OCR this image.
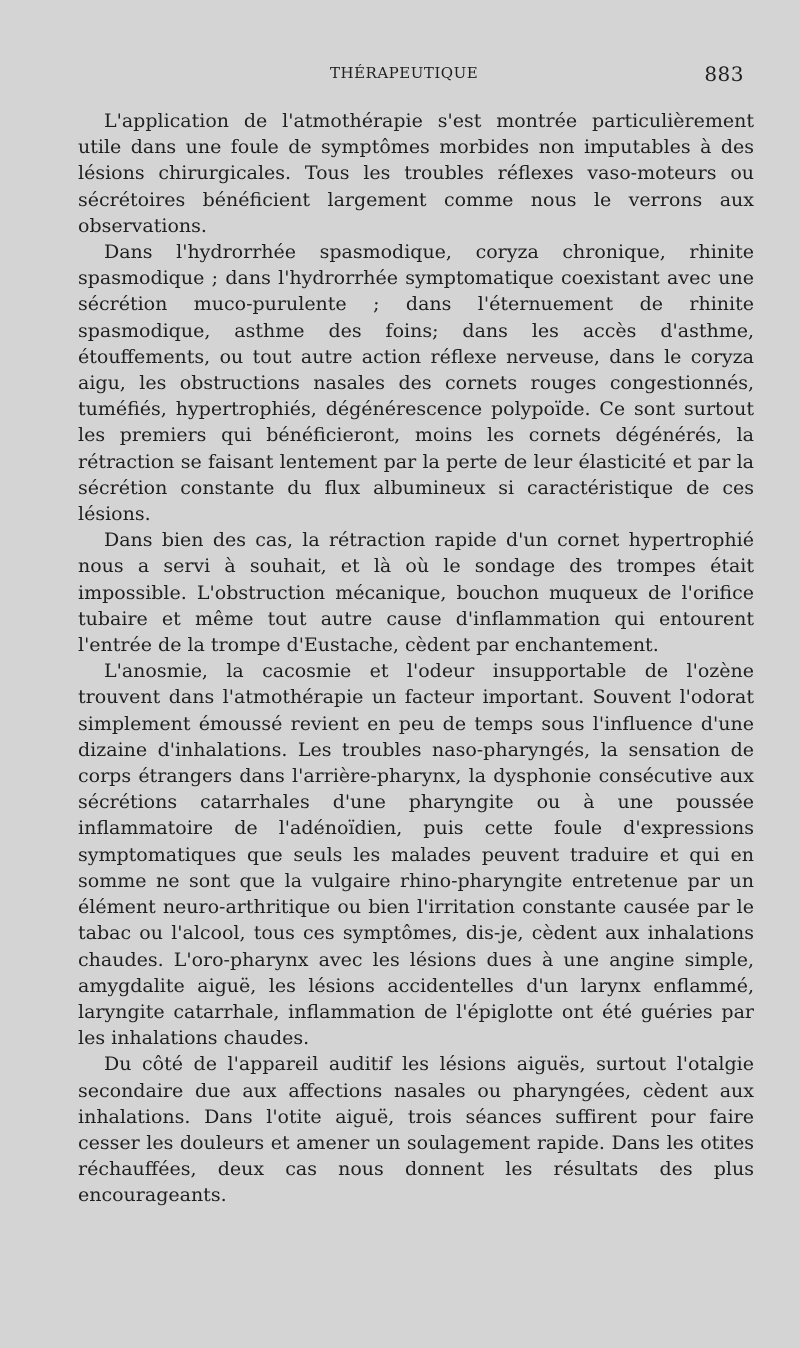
THÉRAPEUTIQUE	883

L'application de l'atmothérapie s'est montrée particulièrement utile dans une foule de symptômes morbides non imputables à des lésions chirurgicales. Tous les troubles réflexes vaso-moteurs ou sécrétoires bénéficient largement comme nous le verrons aux observations.

Dans l'hydrorrhée spasmodique, coryza chronique, rhinite spasmodique ; dans l'hydrorrhée symptomatique coexistant avec une sécrétion muco-purulente ; dans l'éternuement de rhinite spasmodique, asthme des foins; dans les accès d'asthme, étouffements, ou tout autre action réflexe nerveuse, dans le coryza aigu, les obstructions nasales des cornets rouges congestionnés, tuméfiés, hypertrophiés, dégénérescence polypoïde. Ce sont surtout les premiers qui bénéficieront, moins les cornets dégénérés, la rétraction se faisant lentement par la perte de leur élasticité et par la sécrétion constante du flux albumineux si caractéristique de ces lésions.

Dans bien des cas, la rétraction rapide d'un cornet hypertrophié nous a servi à souhait, et là où le sondage des trompes était impossible. L'obstruction mécanique, bouchon muqueux de l'orifice tubaire et même tout autre cause d'inflammation qui entourent l'entrée de la trompe d'Eustache, cèdent par enchantement.

L'anosmie, la cacosmie et l'odeur insupportable de l'ozène trouvent dans l'atmothérapie un facteur important. Souvent l'odorat simplement émoussé revient en peu de temps sous l'influence d'une dizaine d'inhalations. Les troubles naso-pharyngés, la sensation de corps étrangers dans l'arrière-pharynx, la dysphonie consécutive aux sécrétions catarrhales d'une pharyngite ou à une poussée inflammatoire de l'adénoïdien, puis cette foule d'expressions symptomatiques que seuls les malades peuvent traduire et qui en somme ne sont que la vulgaire rhino-pharyngite entretenue par un élément neuro-arthritique ou bien l'irritation constante causée par le tabac ou l'alcool, tous ces symptômes, dis-je, cèdent aux inhalations chaudes. L'oro-pharynx avec les lésions dues à une angine simple, amygdalite aiguë, les lésions accidentelles d'un larynx enflammé, laryngite catarrhale, inflammation de l'épiglotte ont été guéries par les inhalations chaudes.

Du côté de l'appareil auditif les lésions aiguës, surtout l'otalgie secondaire due aux affections nasales ou pharyngées, cèdent aux inhalations. Dans l'otite aiguë, trois séances suffirent pour faire cesser les douleurs et amener un soulagement rapide. Dans les otites réchauffées, deux cas nous donnent les résultats des plus encourageants.
